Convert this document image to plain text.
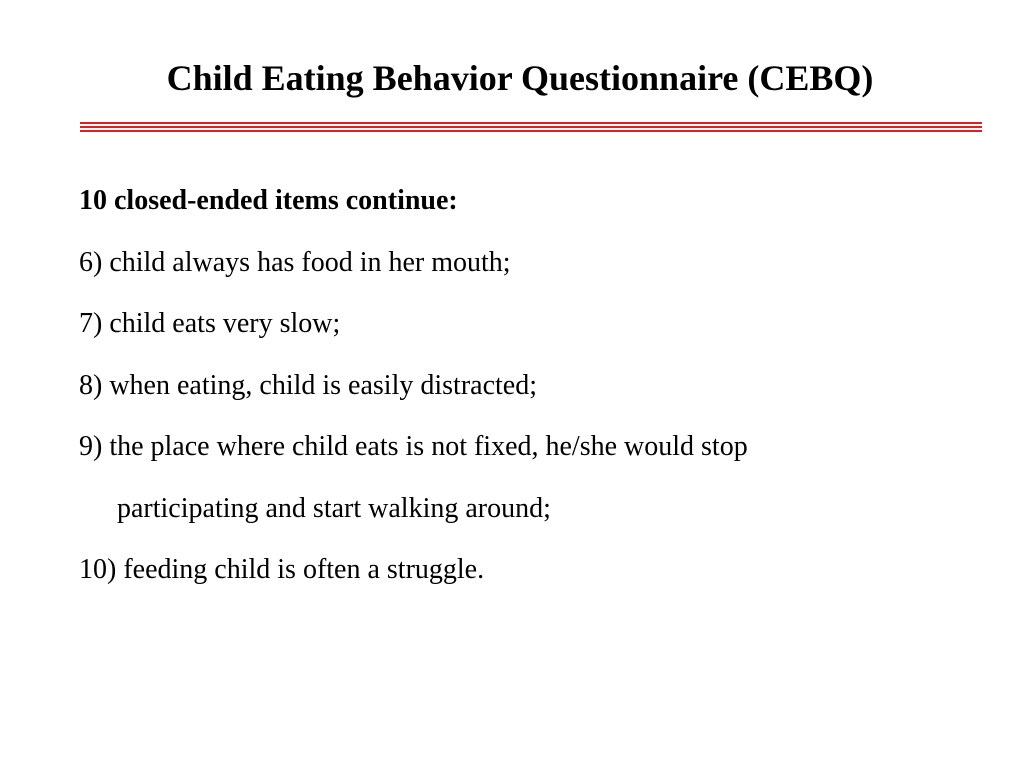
Child Eating Behavior Questionnaire (CEBQ)
10 closed-ended items continue:
6) child always has food in her mouth;
7) child eats very slow;
8) when eating, child is easily distracted;
9) the place where child eats is not fixed, he/she would stop
participating and start walking around;
10) feeding child is often a struggle.
